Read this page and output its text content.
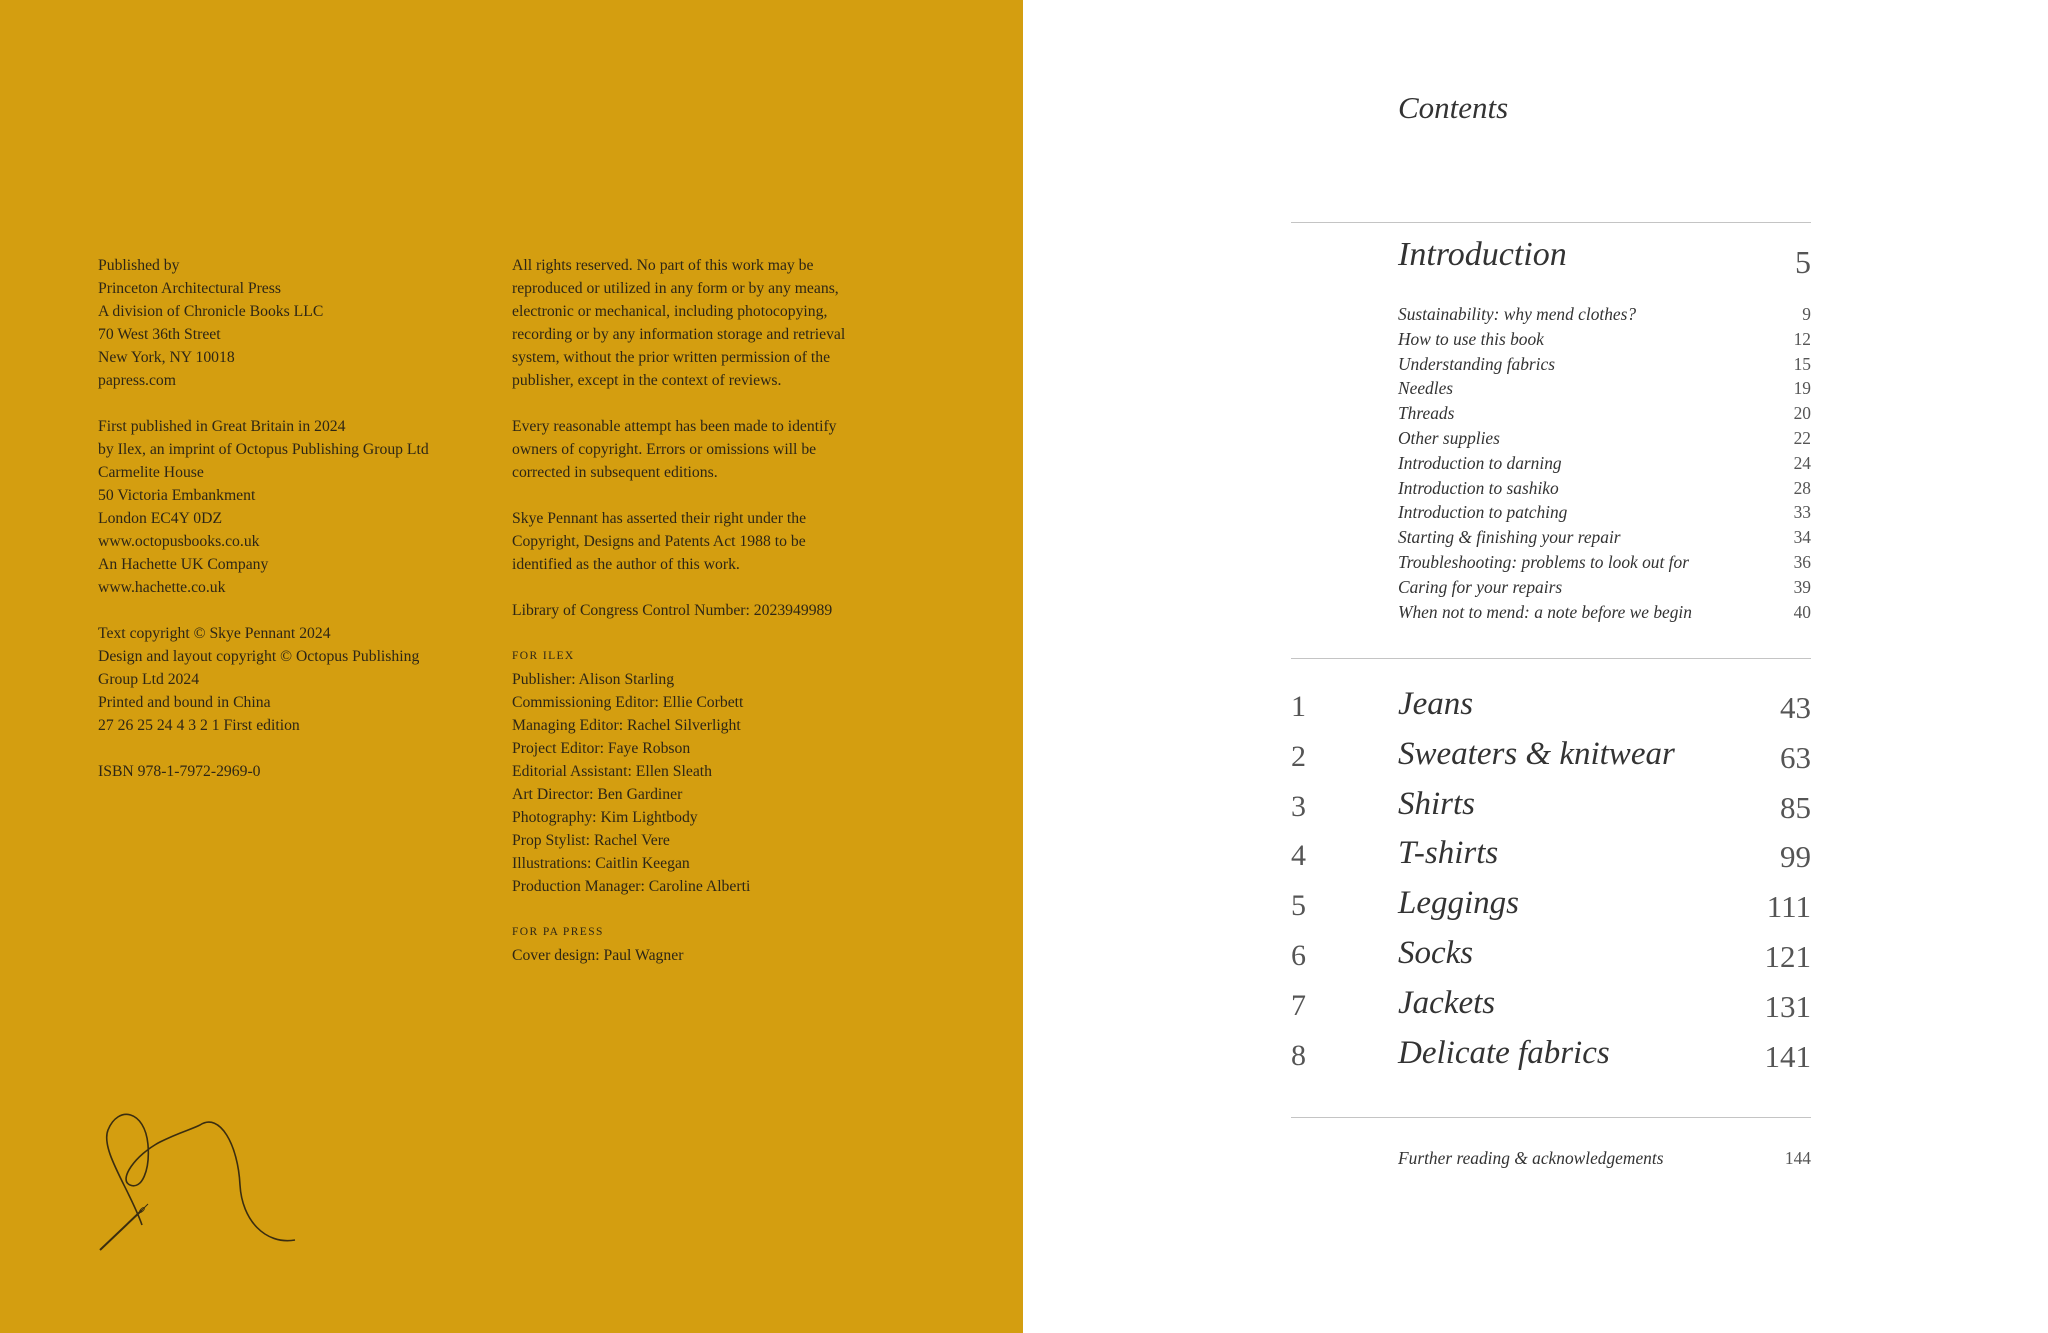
Published by
Princeton Architectural Press
A division of Chronicle Books LLC
70 West 36th Street
New York, NY 10018
papress.com
First published in Great Britain in 2024
by Ilex, an imprint of Octopus Publishing Group Ltd
Carmelite House
50 Victoria Embankment
London EC4Y 0DZ
www.octopusbooks.co.uk
An Hachette UK Company
www.hachette.co.uk
Text copyright © Skye Pennant 2024
Design and layout copyright © Octopus Publishing
Group Ltd 2024
Printed and bound in China
27 26 25 24 4 3 2 1 First edition
ISBN 978-1-7972-2969-0
All rights reserved. No part of this work may be
reproduced or utilized in any form or by any means,
electronic or mechanical, including photocopying,
recording or by any information storage and retrieval
system, without the prior written permission of the
publisher, except in the context of reviews.
Every reasonable attempt has been made to identify
owners of copyright. Errors or omissions will be
corrected in subsequent editions.
Skye Pennant has asserted their right under the
Copyright, Designs and Patents Act 1988 to be
identified as the author of this work.
Library of Congress Control Number: 2023949989
FOR ILEX
Publisher: Alison Starling
Commissioning Editor: Ellie Corbett
Managing Editor: Rachel Silverlight
Project Editor: Faye Robson
Editorial Assistant: Ellen Sleath
Art Director: Ben Gardiner
Photography: Kim Lightbody
Prop Stylist: Rachel Vere
Illustrations: Caitlin Keegan
Production Manager: Caroline Alberti
FOR PA PRESS
Cover design: Paul Wagner
Contents
Introduction	5
Sustainability: why mend clothes?	9
How to use this book	12
Understanding fabrics	15
Needles	19
Threads	20
Other supplies	22
Introduction to darning	24
Introduction to sashiko	28
Introduction to patching	33
Starting & finishing your repair	34
Troubleshooting: problems to look out for	36
Caring for your repairs	39
When not to mend: a note before we begin	40
1	Jeans	43
2	Sweaters & knitwear	63
3	Shirts	85
4	T-shirts	99
5	Leggings	111
6	Socks	121
7	Jackets	131
8	Delicate fabrics	141
Further reading & acknowledgements	144
